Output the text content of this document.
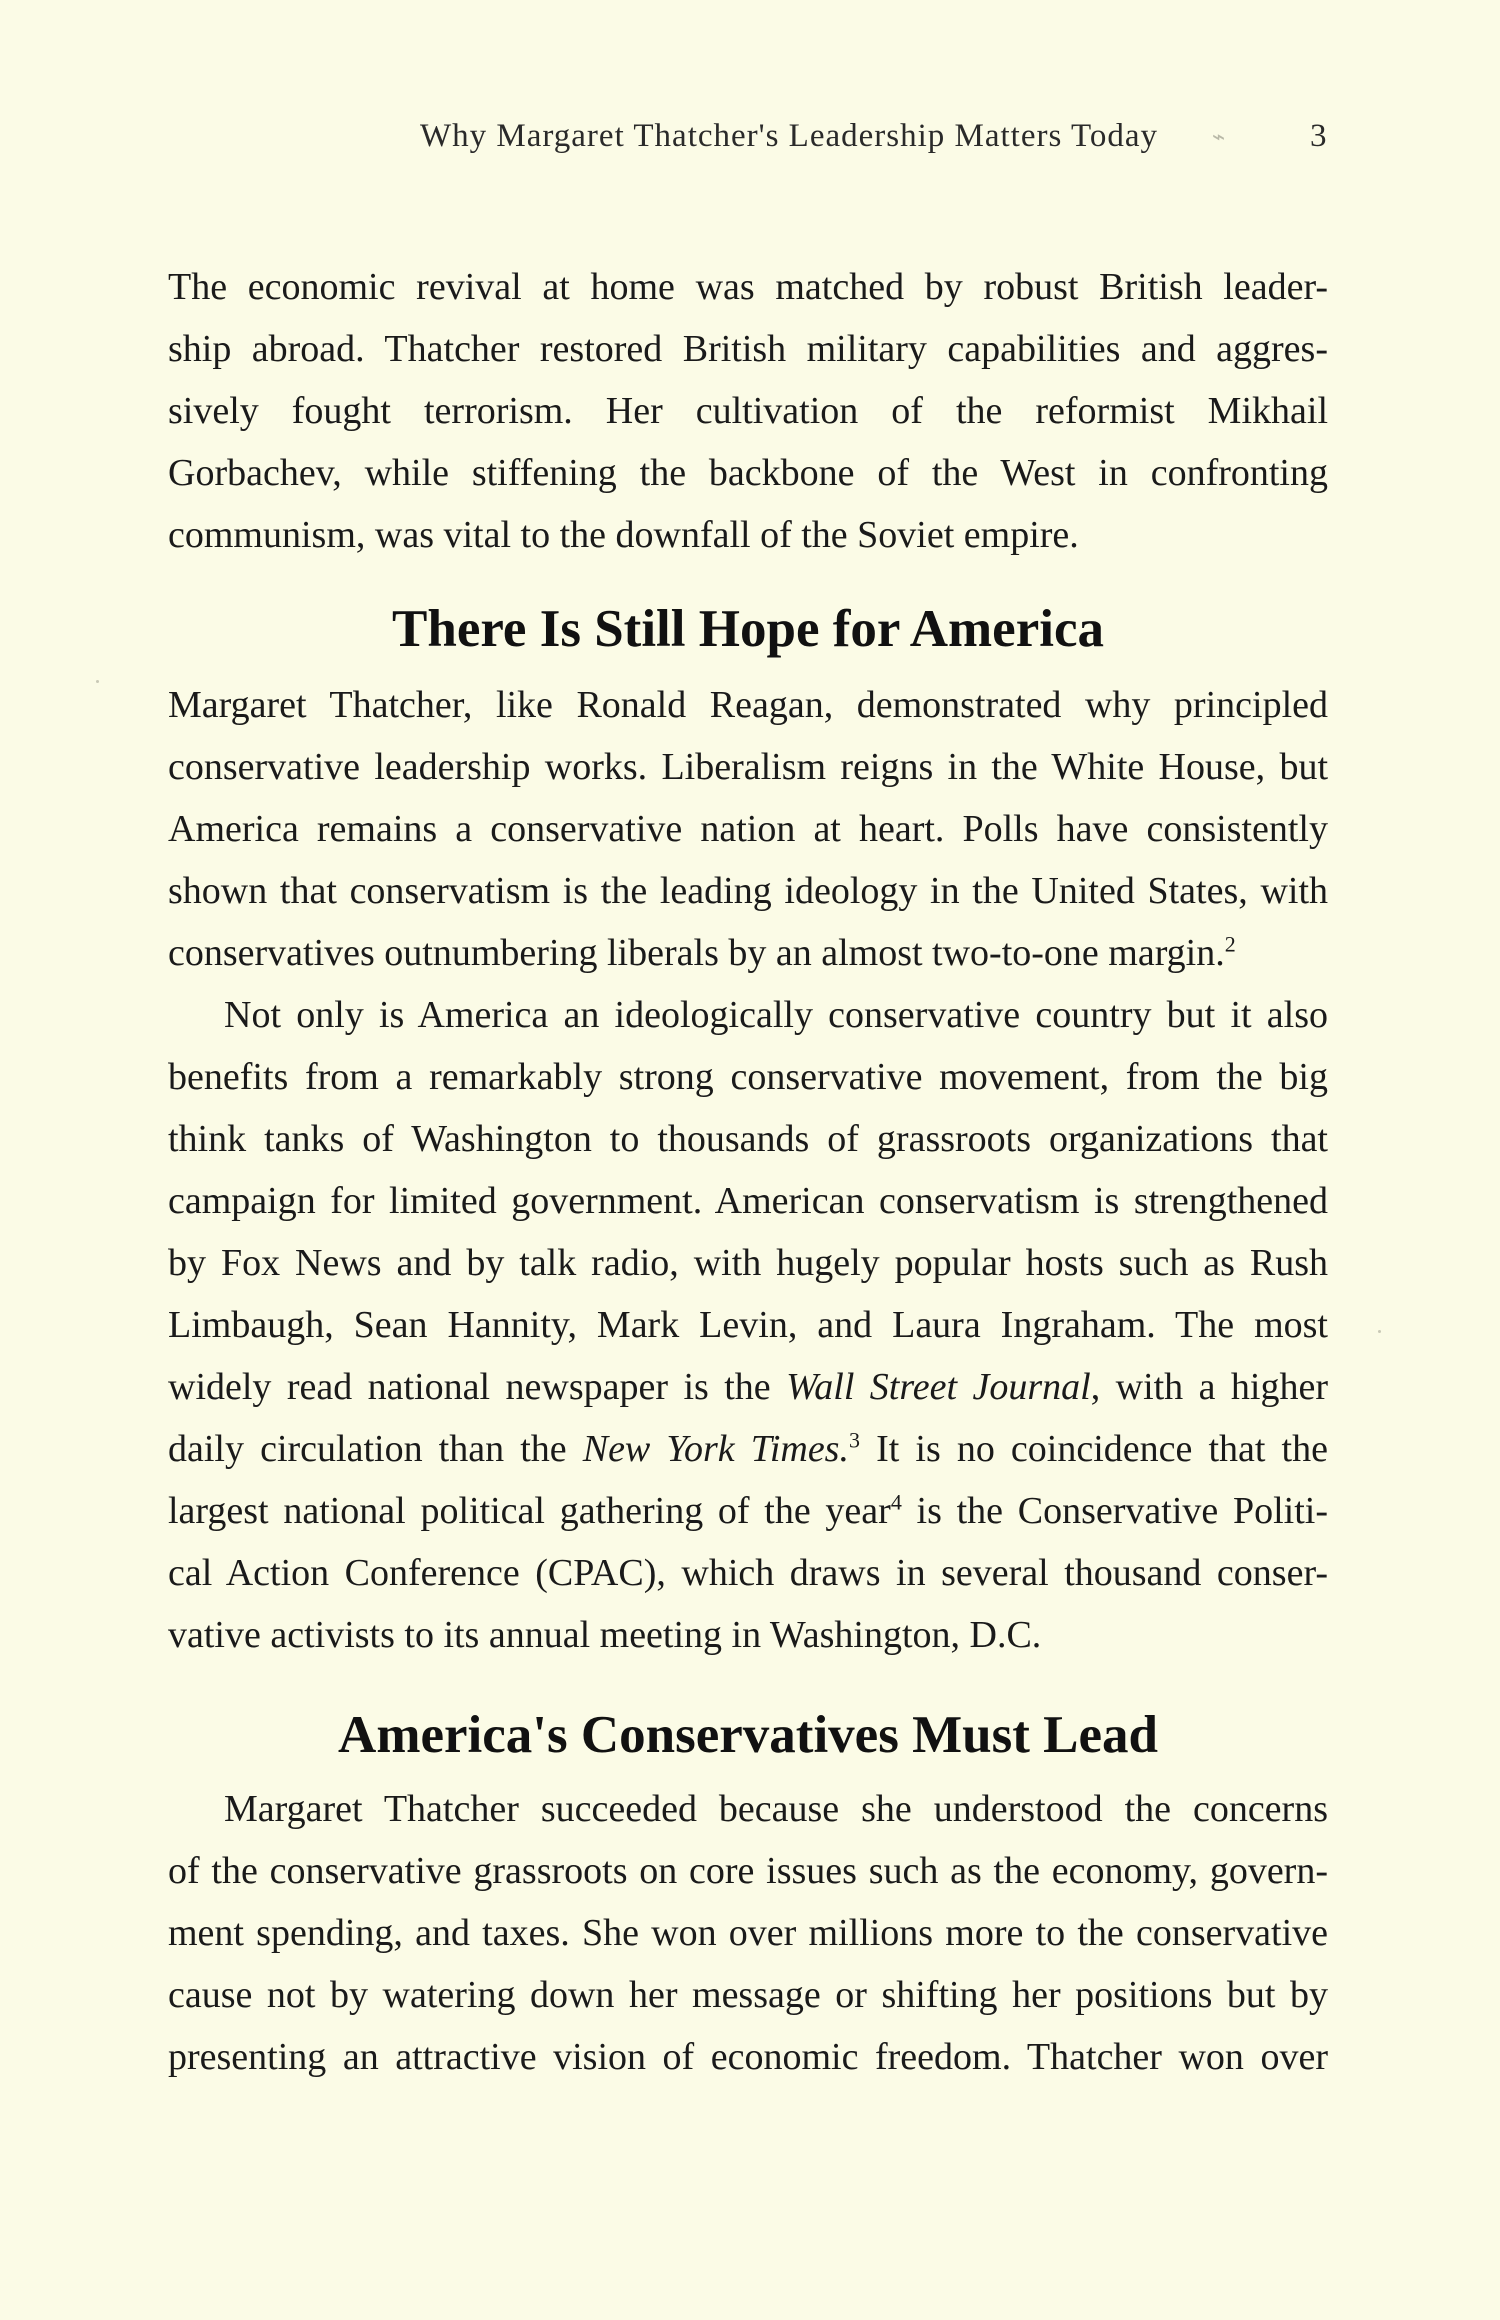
Why Margaret Thatcher's Leadership Matters Today ⌁	3
The economic revival at home was matched by robust British leader-
ship abroad. Thatcher restored British military capabilities and aggres-
sively fought terrorism. Her cultivation of the reformist Mikhail
Gorbachev, while stiffening the backbone of the West in confronting
communism, was vital to the downfall of the Soviet empire.
There Is Still Hope for America
Margaret Thatcher, like Ronald Reagan, demonstrated why principled
conservative leadership works. Liberalism reigns in the White House, but
America remains a conservative nation at heart. Polls have consistently
shown that conservatism is the leading ideology in the United States, with
conservatives outnumbering liberals by an almost two-to-one margin.$^2$
Not only is America an ideologically conservative country but it also
benefits from a remarkably strong conservative movement, from the big
think tanks of Washington to thousands of grassroots organizations that
campaign for limited government. American conservatism is strengthened
by Fox News and by talk radio, with hugely popular hosts such as Rush
Limbaugh, Sean Hannity, Mark Levin, and Laura Ingraham. The most
widely read national newspaper is the Wall Street Journal, with a higher
daily circulation than the New York Times.$^3$ It is no coincidence that the
largest national political gathering of the year$^4$ is the Conservative Politi-
cal Action Conference (CPAC), which draws in several thousand conser-
vative activists to its annual meeting in Washington, D.C.
America's Conservatives Must Lead
Margaret Thatcher succeeded because she understood the concerns
of the conservative grassroots on core issues such as the economy, govern-
ment spending, and taxes. She won over millions more to the conservative
cause not by watering down her message or shifting her positions but by
presenting an attractive vision of economic freedom. Thatcher won over
